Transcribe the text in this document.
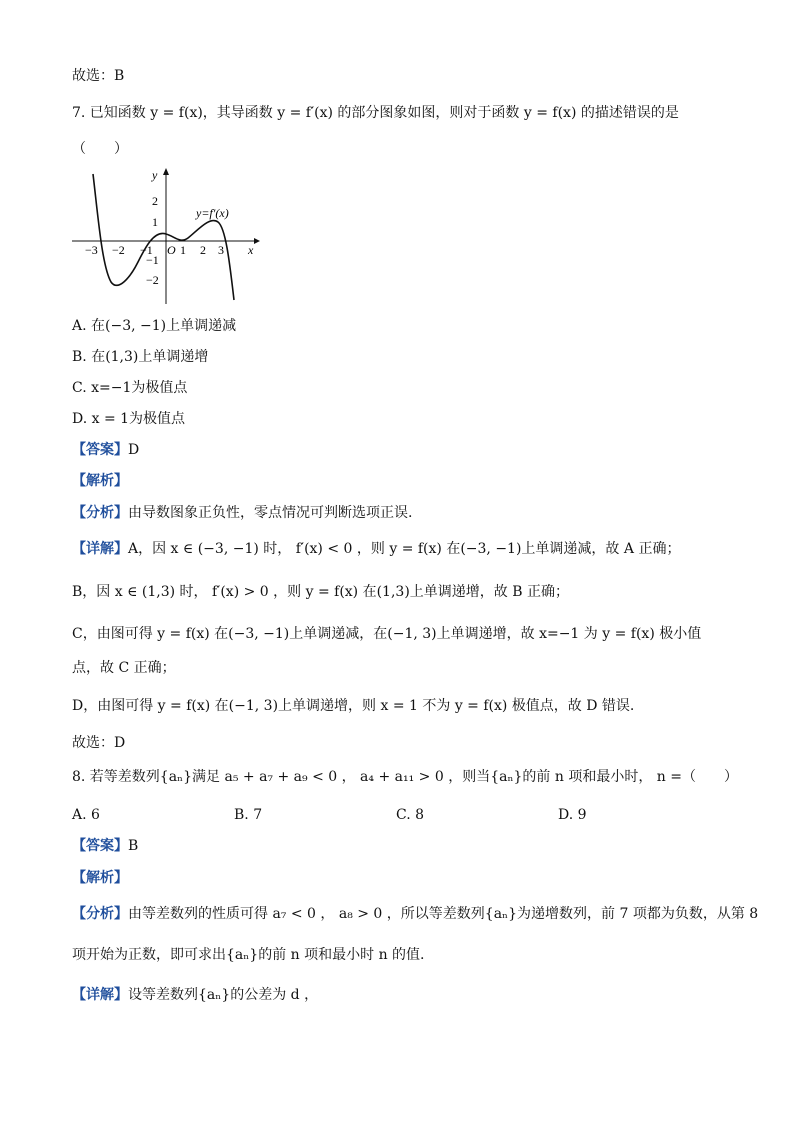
故选：B
7. 已知函数 y = f(x)，其导函数 y = f′(x) 的部分图象如图，则对于函数 y = f(x) 的描述错误的是
（　　）
y
x
O
−3 −2 −1 1 2 3
2
1
−1
−2
y=f′(x)
A. 在(−3, −1)上单调递减
B. 在(1,3)上单调递增
C. x=−1为极值点
D. x = 1为极值点
【答案】D
【解析】
【分析】由导数图象正负性，零点情况可判断选项正误.
【详解】A，因 x ∈ (−3, −1) 时， f′(x) < 0 ，则 y = f(x) 在(−3, −1)上单调递减，故 A 正确；
B，因 x ∈ (1,3) 时， f′(x) > 0 ，则 y = f(x) 在(1,3)上单调递增，故 B 正确；
C，由图可得 y = f(x) 在(−3, −1)上单调递减，在(−1, 3)上单调递增，故 x=−1 为 y = f(x) 极小值
点，故 C 正确；
D，由图可得 y = f(x) 在(−1, 3)上单调递增，则 x = 1 不为 y = f(x) 极值点，故 D 错误.
故选：D
8. 若等差数列{aₙ}满足 a₅ + a₇ + a₉ < 0 ， a₄ + a₁₁ > 0 ，则当{aₙ}的前 n 项和最小时， n =（　　）
A. 6	B. 7	C. 8	D. 9
【答案】B
【解析】
【分析】由等差数列的性质可得 a₇ < 0 ， a₈ > 0 ，所以等差数列{aₙ}为递增数列，前 7 项都为负数，从第 8
项开始为正数，即可求出{aₙ}的前 n 项和最小时 n 的值.
【详解】设等差数列{aₙ}的公差为 d ，
